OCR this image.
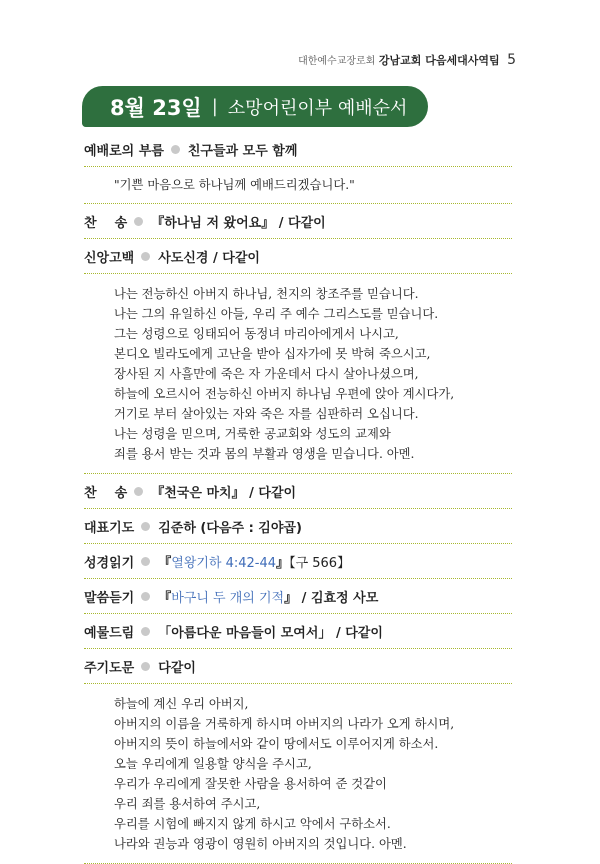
대한예수교장로회 강남교회 다음세대사역팀 5
8월 23일 | 소망어린이부 예배순서
예배로의 부름 친구들과 모두 함께
"기쁜 마음으로 하나님께 예배드리겠습니다."
찬    송 『하나님 저 왔어요』 / 다같이
신앙고백 사도신경 / 다같이
나는 전능하신 아버지 하나님, 천지의 창조주를 믿습니다.
나는 그의 유일하신 아들, 우리 주 예수 그리스도를 믿습니다.
그는 성령으로 잉태되어 동정녀 마리아에게서 나시고,
본디오 빌라도에게 고난을 받아 십자가에 못 박혀 죽으시고,
장사된 지 사흘만에 죽은 자 가운데서 다시 살아나셨으며,
하늘에 오르시어 전능하신 아버지 하나님 우편에 앉아 계시다가,
거기로 부터 살아있는 자와 죽은 자를 심판하러 오십니다.
나는 성령을 믿으며, 거룩한 공교회와 성도의 교제와
죄를 용서 받는 것과 몸의 부활과 영생을 믿습니다. 아멘.
찬    송 『천국은 마치』 / 다같이
대표기도 김준하 (다음주 : 김야곱)
성경읽기 『열왕기하 4:42-44』【구 566】
말씀듣기 『바구니 두 개의 기적』 / 김효정 사모
예물드림 「아름다운 마음들이 모여서」 / 다같이
주기도문 다같이
하늘에 계신 우리 아버지,
아버지의 이름을 거룩하게 하시며 아버지의 나라가 오게 하시며,
아버지의 뜻이 하늘에서와 같이 땅에서도 이루어지게 하소서.
오늘 우리에게 일용할 양식을 주시고,
우리가 우리에게 잘못한 사람을 용서하여 준 것같이
우리 죄를 용서하여 주시고,
우리를 시험에 빠지지 않게 하시고 악에서 구하소서.
나라와 권능과 영광이 영원히 아버지의 것입니다. 아멘.
